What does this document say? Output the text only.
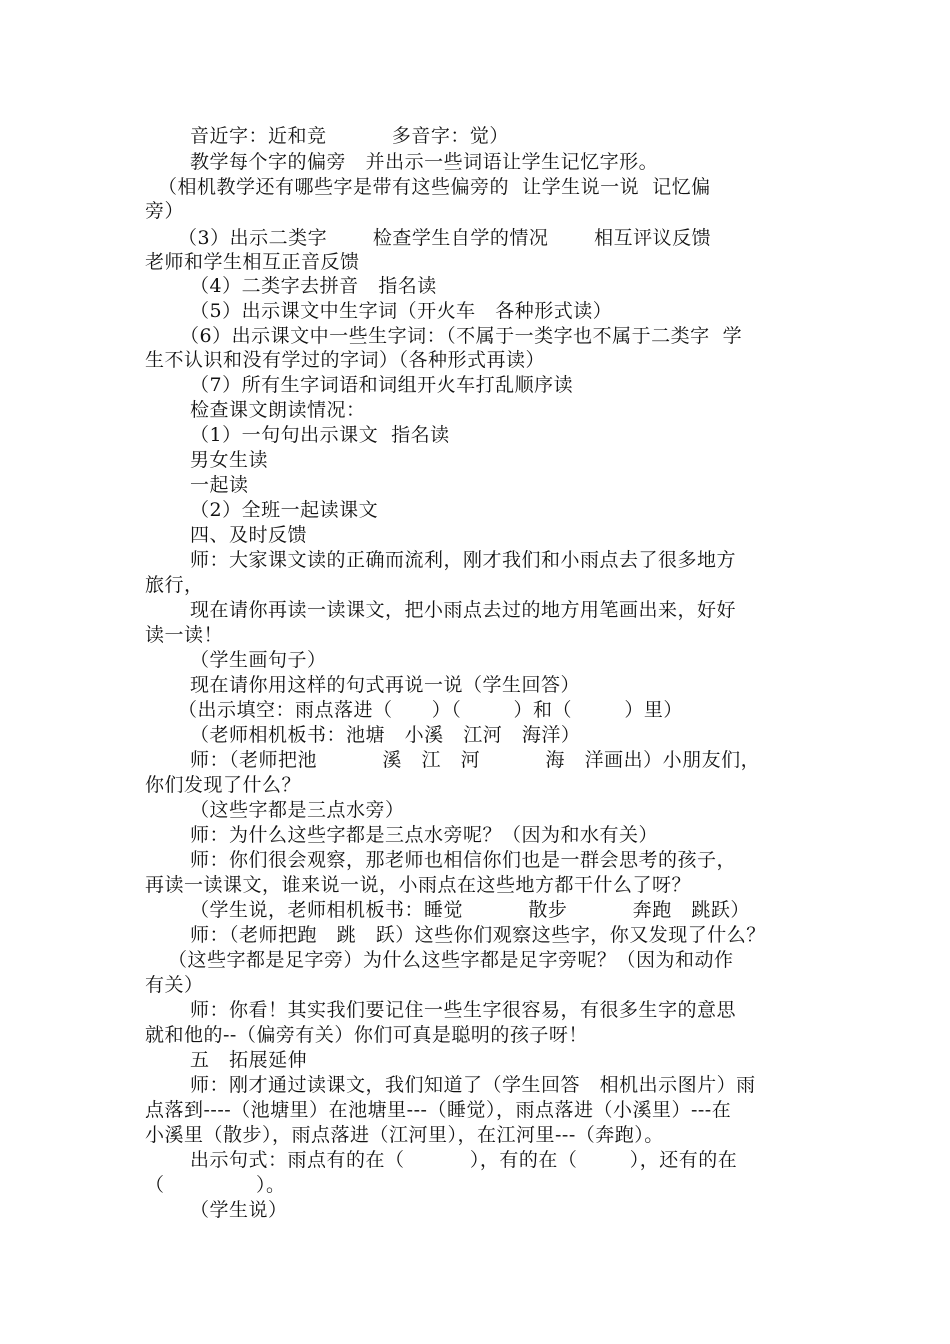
音近字：近和竞          多音字：觉）
教学每个字的偏旁   并出示一些词语让学生记忆字形。
（相机教学还有哪些字是带有这些偏旁的  让学生说一说  记忆偏
旁）
（3）出示二类字       检查学生自学的情况       相互评议反馈
老师和学生相互正音反馈
（4）二类字去拼音   指名读
（5）出示课文中生字词（开火车   各种形式读）
（6）出示课文中一些生字词：（不属于一类字也不属于二类字  学
生不认识和没有学过的字词）（各种形式再读）
（7）所有生字词语和词组开火车打乱顺序读
检查课文朗读情况：
（1）一句句出示课文  指名读
男女生读
一起读
（2）全班一起读课文
四、及时反馈
师：大家课文读的正确而流利，刚才我们和小雨点去了很多地方
旅行，
现在请你再读一读课文，把小雨点去过的地方用笔画出来，好好
读一读！
（学生画句子）
现在请你用这样的句式再说一说（学生回答）
（出示填空：雨点落进（      ）（        ）和（        ）里）
（老师相机板书：池塘   小溪   江河   海洋）
师：（老师把池          溪   江   河          海   洋画出）小朋友们，
你们发现了什么？
（这些字都是三点水旁）
师：为什么这些字都是三点水旁呢？（因为和水有关）
师：你们很会观察，那老师也相信你们也是一群会思考的孩子，
再读一读课文，谁来说一说，小雨点在这些地方都干什么了呀？
（学生说，老师相机板书：睡觉          散步          奔跑   跳跃）
师：（老师把跑   跳   跃）这些你们观察这些字，你又发现了什么？
（这些字都是足字旁）为什么这些字都是足字旁呢？（因为和动作
有关）
师：你看！其实我们要记住一些生字很容易，有很多生字的意思
就和他的--（偏旁有关）你们可真是聪明的孩子呀！
五   拓展延伸
师：刚才通过读课文，我们知道了（学生回答   相机出示图片）雨
点落到----（池塘里）在池塘里---（睡觉），雨点落进（小溪里）---在
小溪里（散步），雨点落进（江河里），在江河里---（奔跑）。
出示句式：雨点有的在（          ），有的在（        ），还有的在
（              ）。
（学生说）
